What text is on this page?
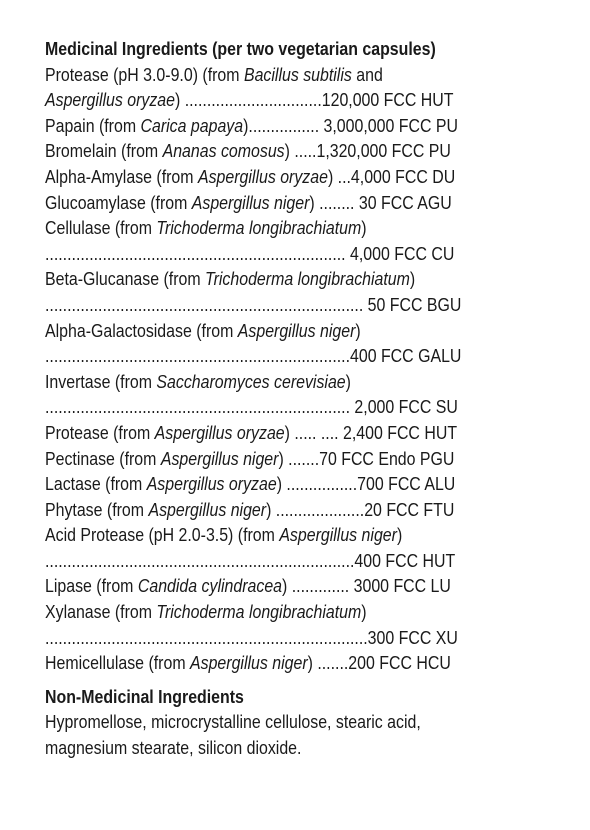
Medicinal Ingredients (per two vegetarian capsules)
Protease (pH 3.0-9.0) (from Bacillus subtilis and
Aspergillus oryzae) ...............................120,000 FCC HUT
Papain (from Carica papaya)................ 3,000,000 FCC PU
Bromelain (from Ananas comosus) .....1,320,000 FCC PU
Alpha-Amylase (from Aspergillus oryzae) ...4,000 FCC DU
Glucoamylase (from Aspergillus niger) ........ 30 FCC AGU
Cellulase (from Trichoderma longibrachiatum)
.................................................................... 4,000 FCC CU
Beta-Glucanase (from Trichoderma longibrachiatum)
........................................................................ 50 FCC BGU
Alpha-Galactosidase (from Aspergillus niger)
.....................................................................400 FCC GALU
Invertase (from Saccharomyces cerevisiae)
..................................................................... 2,000 FCC SU
Protease (from Aspergillus oryzae) ..... .... 2,400 FCC HUT
Pectinase (from Aspergillus niger) .......70 FCC Endo PGU
Lactase (from Aspergillus oryzae) ................700 FCC ALU
Phytase (from Aspergillus niger) ....................20 FCC FTU
Acid Protease (pH 2.0-3.5) (from Aspergillus niger)
......................................................................400 FCC HUT
Lipase (from Candida cylindracea) ............. 3000 FCC LU
Xylanase (from Trichoderma longibrachiatum)
.........................................................................300 FCC XU
Hemicellulase (from Aspergillus niger) .......200 FCC HCU
Non-Medicinal Ingredients
Hypromellose, microcrystalline cellulose, stearic acid,
magnesium stearate, silicon dioxide.
